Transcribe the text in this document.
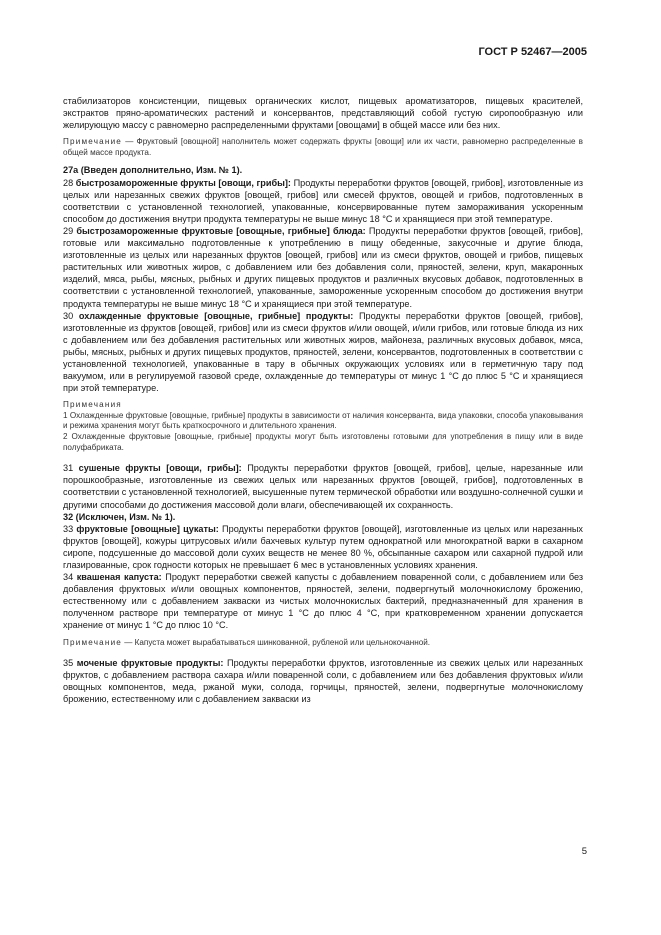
ГОСТ Р 52467—2005

стабилизаторов консистенции, пищевых органических кислот, пищевых ароматизаторов, пищевых красителей, экстрактов пряно-ароматических растений и консервантов, представляющий собой густую сиропообразную или желирующую массу с равномерно распределенными фруктами [овощами] в общей массе или без них.

Примечание — Фруктовый [овощной] наполнитель может содержать фрукты [овощи] или их части, равномерно распределенные в общей массе продукта.

27а (Введен дополнительно, Изм. № 1).

28 быстрозамороженные фрукты [овощи, грибы]: Продукты переработки фруктов [овощей, грибов], изготовленные из целых или нарезанных свежих фруктов [овощей, грибов] или смесей фруктов, овощей и грибов, подготовленных в соответствии с установленной технологией, упакованные, консервированные путем замораживания ускоренным способом до достижения внутри продукта температуры не выше минус 18 °С и хранящиеся при этой температуре.

29 быстрозамороженные фруктовые [овощные, грибные] блюда: Продукты переработки фруктов [овощей, грибов], готовые или максимально подготовленные к употреблению в пищу обеденные, закусочные и другие блюда, изготовленные из целых или нарезанных фруктов [овощей, грибов] или из смеси фруктов, овощей и грибов, пищевых растительных или животных жиров, с добавлением или без добавления соли, пряностей, зелени, круп, макаронных изделий, мяса, рыбы, мясных, рыбных и других пищевых продуктов и различных вкусовых добавок, подготовленных в соответствии с установленной технологией, упакованные, замороженные ускоренным способом до достижения внутри продукта температуры не выше минус 18 °С и хранящиеся при этой температуре.

30 охлажденные фруктовые [овощные, грибные] продукты: Продукты переработки фруктов [овощей, грибов], изготовленные из фруктов [овощей, грибов] или из смеси фруктов и/или овощей, и/или грибов, или готовые блюда из них с добавлением или без добавления растительных или животных жиров, майонеза, различных вкусовых добавок, мяса, рыбы, мясных, рыбных и других пищевых продуктов, пряностей, зелени, консервантов, подготовленных в соответствии с установленной технологией, упакованные в тару в обычных окружающих условиях или в герметичную тару под вакуумом, или в регулируемой газовой среде, охлажденные до температуры от минус 1 °С до плюс 5 °С и хранящиеся при этой температуре.

Примечания

1 Охлажденные фруктовые [овощные, грибные] продукты в зависимости от наличия консерванта, вида упаковки, способа упаковывания и режима хранения могут быть краткосрочного и длительного хранения.

2 Охлажденные фруктовые [овощные, грибные] продукты могут быть изготовлены готовыми для употребления в пищу или в виде полуфабриката.

31 сушеные фрукты [овощи, грибы]: Продукты переработки фруктов [овощей, грибов], целые, нарезанные или порошкообразные, изготовленные из свежих целых или нарезанных фруктов [овощей, грибов], подготовленных в соответствии с установленной технологией, высушенные путем термической обработки или воздушно-солнечной сушки и другими способами до достижения массовой доли влаги, обеспечивающей их сохранность.

32 (Исключен, Изм. № 1).

33 фруктовые [овощные] цукаты: Продукты переработки фруктов [овощей], изготовленные из целых или нарезанных фруктов [овощей], кожуры цитрусовых и/или бахчевых культур путем однократной или многократной варки в сахарном сиропе, подсушенные до массовой доли сухих веществ не менее 80 %, обсыпанные сахаром или сахарной пудрой или глазированные, срок годности которых не превышает 6 мес в установленных условиях хранения.

34 квашеная капуста: Продукт переработки свежей капусты с добавлением поваренной соли, с добавлением или без добавления фруктовых и/или овощных компонентов, пряностей, зелени, подвергнутый молочнокислому брожению, естественному или с добавлением закваски из чистых молочнокислых бактерий, предназначенный для хранения в полученном растворе при температуре от минус 1 °С до плюс 4 °С, при кратковременном хранении допускается хранение от минус 1 °С до плюс 10 °С.

Примечание — Капуста может вырабатываться шинкованной, рубленой или цельнокочанной.

35 моченые фруктовые продукты: Продукты переработки фруктов, изготовленные из свежих целых или нарезанных фруктов, с добавлением раствора сахара и/или поваренной соли, с добавлением или без добавления фруктовых и/или овощных компонентов, меда, ржаной муки, солода, горчицы, пряностей, зелени, подвергнутые молочнокислому брожению, естественному или с добавлением закваски из

5
